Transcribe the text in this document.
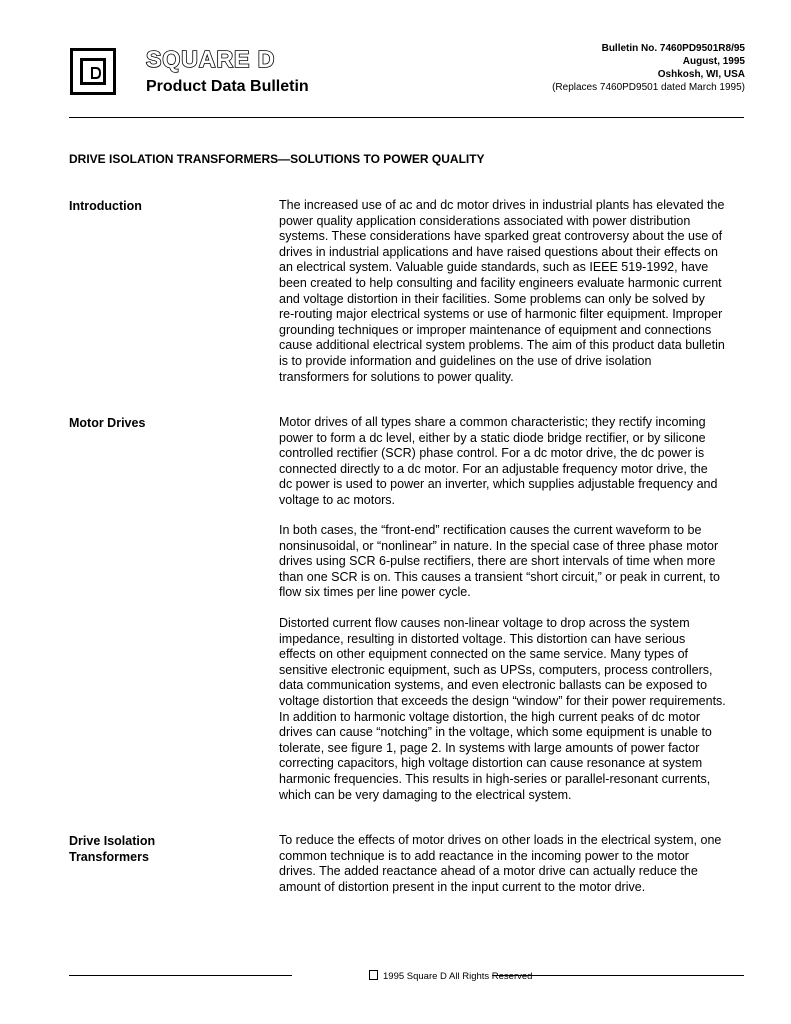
SQUARE D
Product Data Bulletin
Bulletin No. 7460PD9501R8/95
August, 1995
Oshkosh, WI, USA
(Replaces 7460PD9501 dated March 1995)
DRIVE ISOLATION TRANSFORMERS—SOLUTIONS TO POWER QUALITY
Introduction	The increased use of ac and dc motor drives in industrial plants has elevated the
power quality application considerations associated with power distribution
systems. These considerations have sparked great controversy about the use of
drives in industrial applications and have raised questions about their effects on
an electrical system. Valuable guide standards, such as IEEE 519-1992, have
been created to help consulting and facility engineers evaluate harmonic current
and voltage distortion in their facilities. Some problems can only be solved by
re-routing major electrical systems or use of harmonic filter equipment. Improper
grounding techniques or improper maintenance of equipment and connections
cause additional electrical system problems. The aim of this product data bulletin
is to provide information and guidelines on the use of drive isolation
transformers for solutions to power quality.
Motor Drives	Motor drives of all types share a common characteristic; they rectify incoming
power to form a dc level, either by a static diode bridge rectifier, or by silicone
controlled rectifier (SCR) phase control. For a dc motor drive, the dc power is
connected directly to a dc motor. For an adjustable frequency motor drive, the
dc power is used to power an inverter, which supplies adjustable frequency and
voltage to ac motors.
In both cases, the “front-end” rectification causes the current waveform to be
nonsinusoidal, or “nonlinear” in nature. In the special case of three phase motor
drives using SCR 6-pulse rectifiers, there are short intervals of time when more
than one SCR is on. This causes a transient “short circuit,” or peak in current, to
flow six times per line power cycle.
Distorted current flow causes non-linear voltage to drop across the system
impedance, resulting in distorted voltage. This distortion can have serious
effects on other equipment connected on the same service. Many types of
sensitive electronic equipment, such as UPSs, computers, process controllers,
data communication systems, and even electronic ballasts can be exposed to
voltage distortion that exceeds the design “window” for their power requirements.
In addition to harmonic voltage distortion, the high current peaks of dc motor
drives can cause “notching” in the voltage, which some equipment is unable to
tolerate, see figure 1, page 2. In systems with large amounts of power factor
correcting capacitors, high voltage distortion can cause resonance at system
harmonic frequencies. This results in high-series or parallel-resonant currents,
which can be very damaging to the electrical system.
Drive Isolation
Transformers
To reduce the effects of motor drives on other loads in the electrical system, one
common technique is to add reactance in the incoming power to the motor
drives. The added reactance ahead of a motor drive can actually reduce the
amount of distortion present in the input current to the motor drive.
1995 Square D All Rights Reserved
